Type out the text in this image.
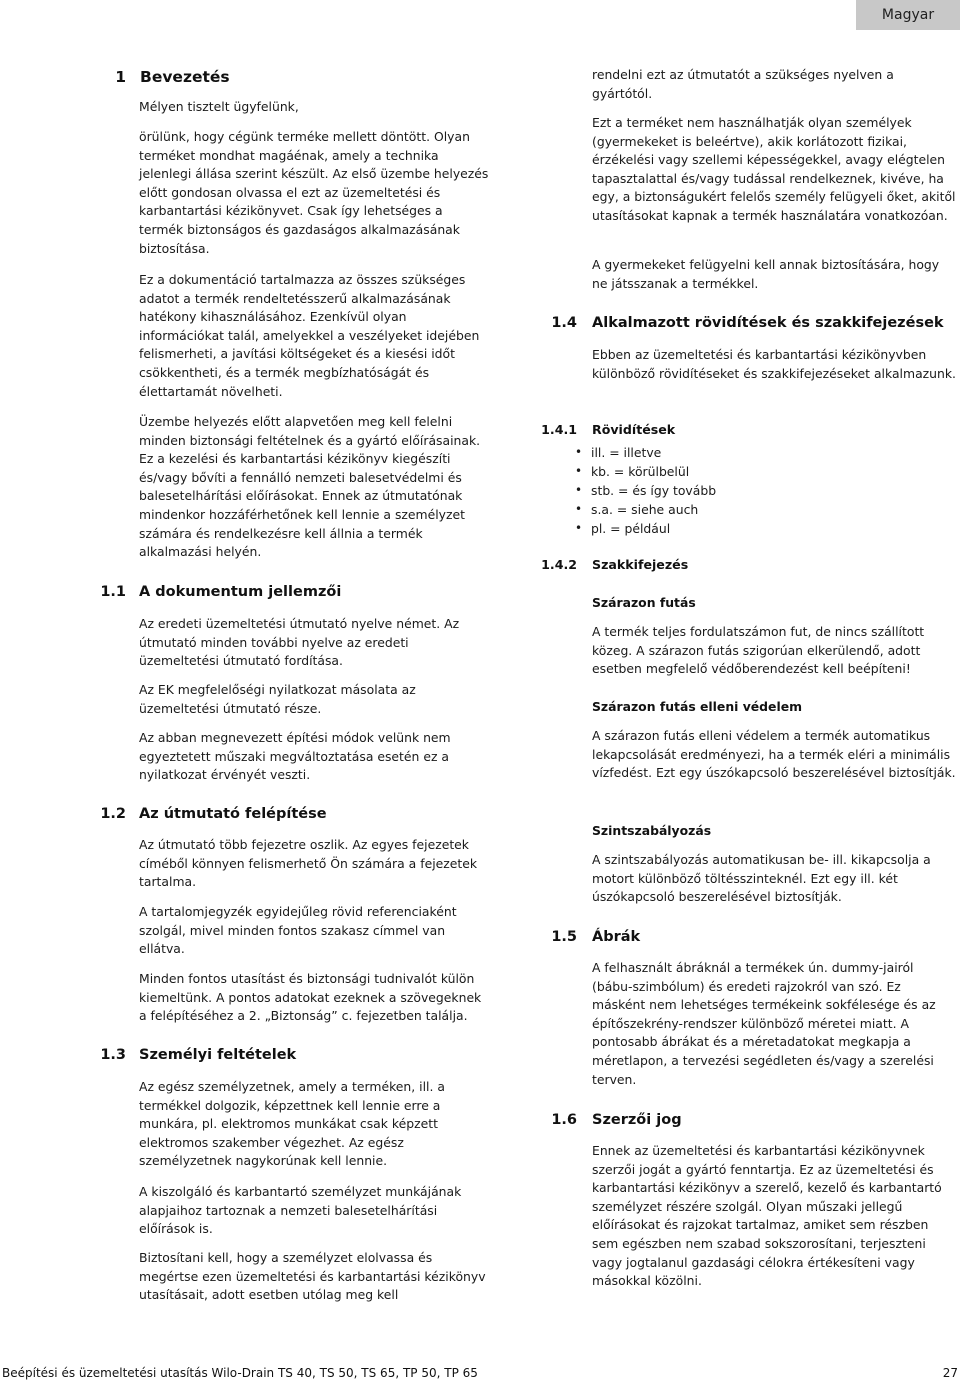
Magyar
1 Bevezetés

Mélyen tisztelt ügyfelünk,

örülünk, hogy cégünk terméke mellett döntött. Olyan terméket mondhat magáénak, amely a technika jelenlegi állása szerint készült. Az első üzembe helyezés előtt gondosan olvassa el ezt az üzemeltetési és karbantartási kézikönyvet. Csak így lehetséges a termék biztonságos és gazdaságos alkalmazásának biztosítása.

Ez a dokumentáció tartalmazza az összes szükséges adatot a termék rendeltetésszerű alkalmazásának hatékony kihasználásához. Ezenkívül olyan információkat talál, amelyekkel a veszélyeket idejében felismerheti, a javítási költségeket és a kiesési időt csökkentheti, és a termék megbízhatóságát és élettartamát növelheti.

Üzembe helyezés előtt alapvetően meg kell felelni minden biztonsági feltételnek és a gyártó előírásainak. Ez a kezelési és karbantartási kézikönyv kiegészíti és/vagy bővíti a fennálló nemzeti balesetvédelmi és balesetelhárítási előírásokat. Ennek az útmutatónak mindenkor hozzáférhetőnek kell lennie a személyzet számára és rendelkezésre kell állnia a termék alkalmazási helyén.

1.1 A dokumentum jellemzői

Az eredeti üzemeltetési útmutató nyelve német. Az útmutató minden további nyelve az eredeti üzemeltetési útmutató fordítása.

Az EK megfelelőségi nyilatkozat másolata az üzemeltetési útmutató része.

Az abban megnevezett építési módok velünk nem egyeztetett műszaki megváltoztatása esetén ez a nyilatkozat érvényét veszti.

1.2 Az útmutató felépítése

Az útmutató több fejezetre oszlik. Az egyes fejezetek címéből könnyen felismerhető Ön számára a fejezetek tartalma.

A tartalomjegyzék egyidejűleg rövid referenciaként szolgál, mivel minden fontos szakasz címmel van ellátva.

Minden fontos utasítást és biztonsági tudnivalót külön kiemeltünk. A pontos adatokat ezeknek a szövegeknek a felépítéséhez a 2. „Biztonság” c. fejezetben találja.

1.3 Személyi feltételek

Az egész személyzetnek, amely a terméken, ill. a termékkel dolgozik, képzettnek kell lennie erre a munkára, pl. elektromos munkákat csak képzett elektromos szakember végezhet. Az egész személyzetnek nagykorúnak kell lennie.

A kiszolgáló és karbantartó személyzet munkájának alapjaihoz tartoznak a nemzeti balesetelhárítási előírások is.

Biztosítani kell, hogy a személyzet elolvassa és megértse ezen üzemeltetési és karbantartási kézikönyv utasításait, adott esetben utólag meg kell

rendelni ezt az útmutatót a szükséges nyelven a gyártótól.

Ezt a terméket nem használhatják olyan személyek (gyermekeket is beleértve), akik korlátozott fizikai, érzékelési vagy szellemi képességekkel, avagy elégtelen tapasztalattal és/vagy tudással rendelkeznek, kivéve, ha egy, a biztonságukért felelős személy felügyeli őket, akitől utasításokat kapnak a termék használatára vonatkozóan.

A gyermekeket felügyelni kell annak biztosítására, hogy ne játsszanak a termékkel.

1.4 Alkalmazott rövidítések és szakkifejezések

Ebben az üzemeltetési és karbantartási kézikönyvben különböző rövidítéseket és szakkifejezéseket alkalmazunk.

1.4.1 Rövidítések
• ill. = illetve
• kb. = körülbelül
• stb. = és így tovább
• s.a. = siehe auch
• pl. = például
1.4.2 Szakkifejezés
Szárazon futás

A termék teljes fordulatszámon fut, de nincs szállított közeg. A szárazon futás szigorúan elkerülendő, adott esetben megfelelő védőberendezést kell beépíteni!

Szárazon futás elleni védelem

A szárazon futás elleni védelem a termék automatikus lekapcsolását eredményezi, ha a termék eléri a minimális vízfedést. Ezt egy úszókapcsoló beszerelésével biztosítják.

Szintszabályozás

A szintszabályozás automatikusan be- ill. kikapcsolja a motort különböző töltésszinteknél. Ezt egy ill. két úszókapcsoló beszerelésével biztosítják.

1.5 Ábrák

A felhasznált ábráknál a termékek ún. dummy-jairól (bábu-szimbólum) és eredeti rajzokról van szó. Ez másként nem lehetséges termékeink sokfélesége és az építőszekrény-rendszer különböző méretei miatt. A pontosabb ábrákat és a méretadatokat megkapja a méretlapon, a tervezési segédleten és/vagy a szerelési terven.

1.6 Szerzői jog

Ennek az üzemeltetési és karbantartási kézikönyvnek szerzői jogát a gyártó fenntartja. Ez az üzemeltetési és karbantartási kézikönyv a szerelő, kezelő és karbantartó személyzet részére szolgál. Olyan műszaki jellegű előírásokat és rajzokat tartalmaz, amiket sem részben sem egészben nem szabad sokszorosítani, terjeszteni vagy jogtalanul gazdasági célokra értékesíteni vagy másokkal közölni.

Beépítési és üzemeltetési utasítás Wilo-Drain TS 40, TS 50, TS 65, TP 50, TP 65	27
